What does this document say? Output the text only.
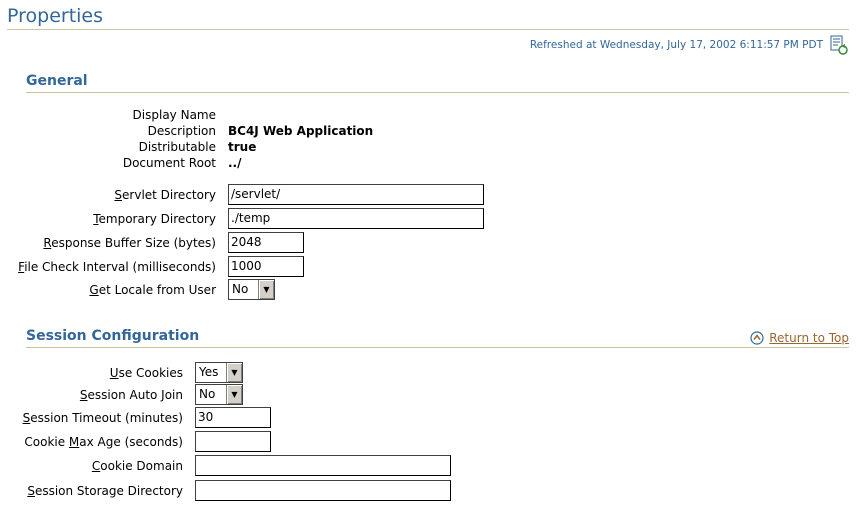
Properties
Refreshed at Wednesday, July 17, 2002 6:11:57 PM PDT
General
Display Name
Description BC4J Web Application
Distributable true
Document Root ../
Servlet Directory /servlet/
Temporary Directory ./temp
Response Buffer Size (bytes) 2048
File Check Interval (milliseconds) 1000
Get Locale from User No	▼
Session Configuration	Return to Top
Use Cookies Yes	▼
Session Auto Join No	▼
Session Timeout (minutes) 30
Cookie Max Age (seconds)
Cookie Domain
Session Storage Directory
